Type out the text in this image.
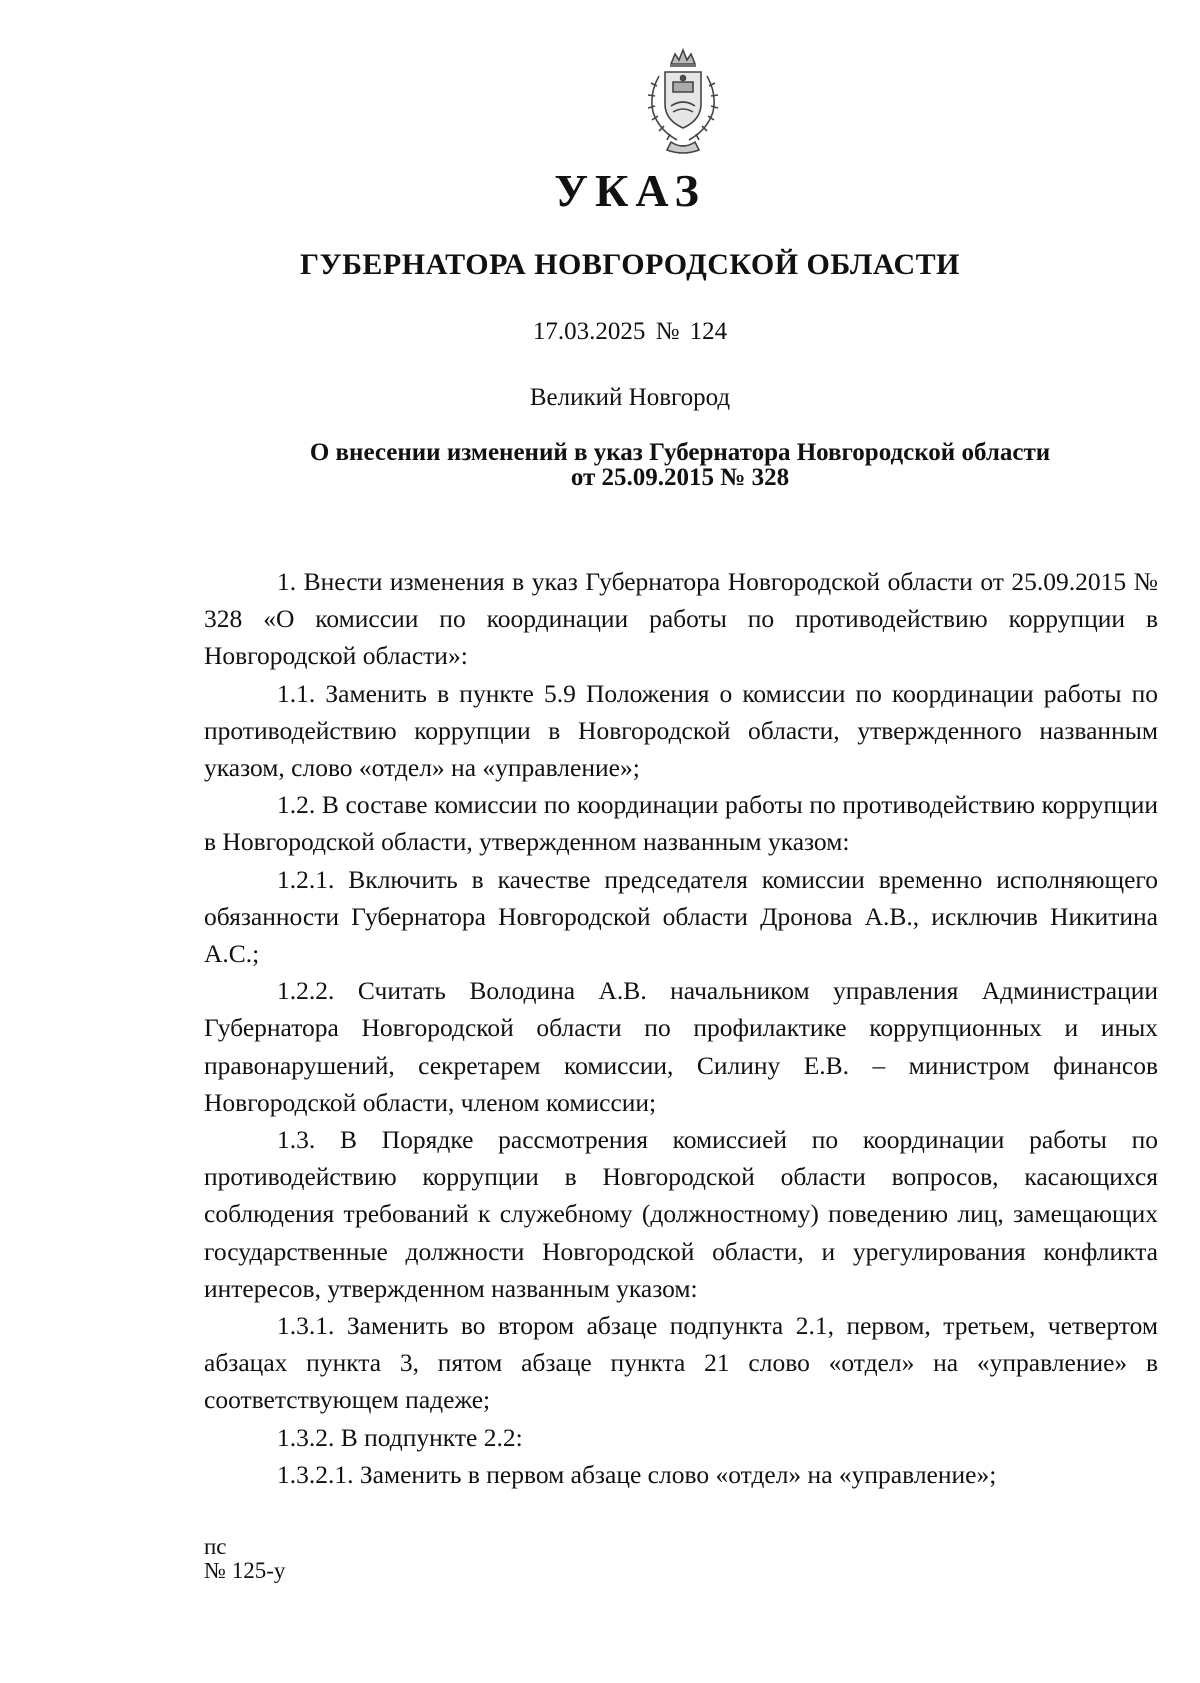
УКАЗ
ГУБЕРНАТОРА НОВГОРОДСКОЙ ОБЛАСТИ
17.03.2025 № 124
Великий Новгород
О внесении изменений в указ Губернатора Новгородской области
от 25.09.2015 № 328

1. Внести изменения в указ Губернатора Новгородской области от 25.09.2015 № 328 «О комиссии по координации работы по противодействию коррупции в Новгородской области»:

1.1. Заменить в пункте 5.9 Положения о комиссии по координации работы по противодействию коррупции в Новгородской области, утвержденного названным указом, слово «отдел» на «управление»;

1.2. В составе комиссии по координации работы по противодействию коррупции в Новгородской области, утвержденном названным указом:

1.2.1. Включить в качестве председателя комиссии временно исполняющего обязанности Губернатора Новгородской области Дронова А.В., исключив Никитина А.С.;

1.2.2. Считать Володина А.В. начальником управления Администрации Губернатора Новгородской области по профилактике коррупционных и иных правонарушений, секретарем комиссии, Силину Е.В. – министром финансов Новгородской области, членом комиссии;

1.3. В Порядке рассмотрения комиссией по координации работы по противодействию коррупции в Новгородской области вопросов, касающихся соблюдения требований к служебному (должностному) поведению лиц, замещающих государственные должности Новгородской области, и урегулирования конфликта интересов, утвержденном названным указом:

1.3.1. Заменить во втором абзаце подпункта 2.1, первом, третьем, четвертом абзацах пункта 3, пятом абзаце пункта 21 слово «отдел» на «управление» в соответствующем падеже;

1.3.2. В подпункте 2.2:

1.3.2.1. Заменить в первом абзаце слово «отдел» на «управление»;

пс
№ 125-у
